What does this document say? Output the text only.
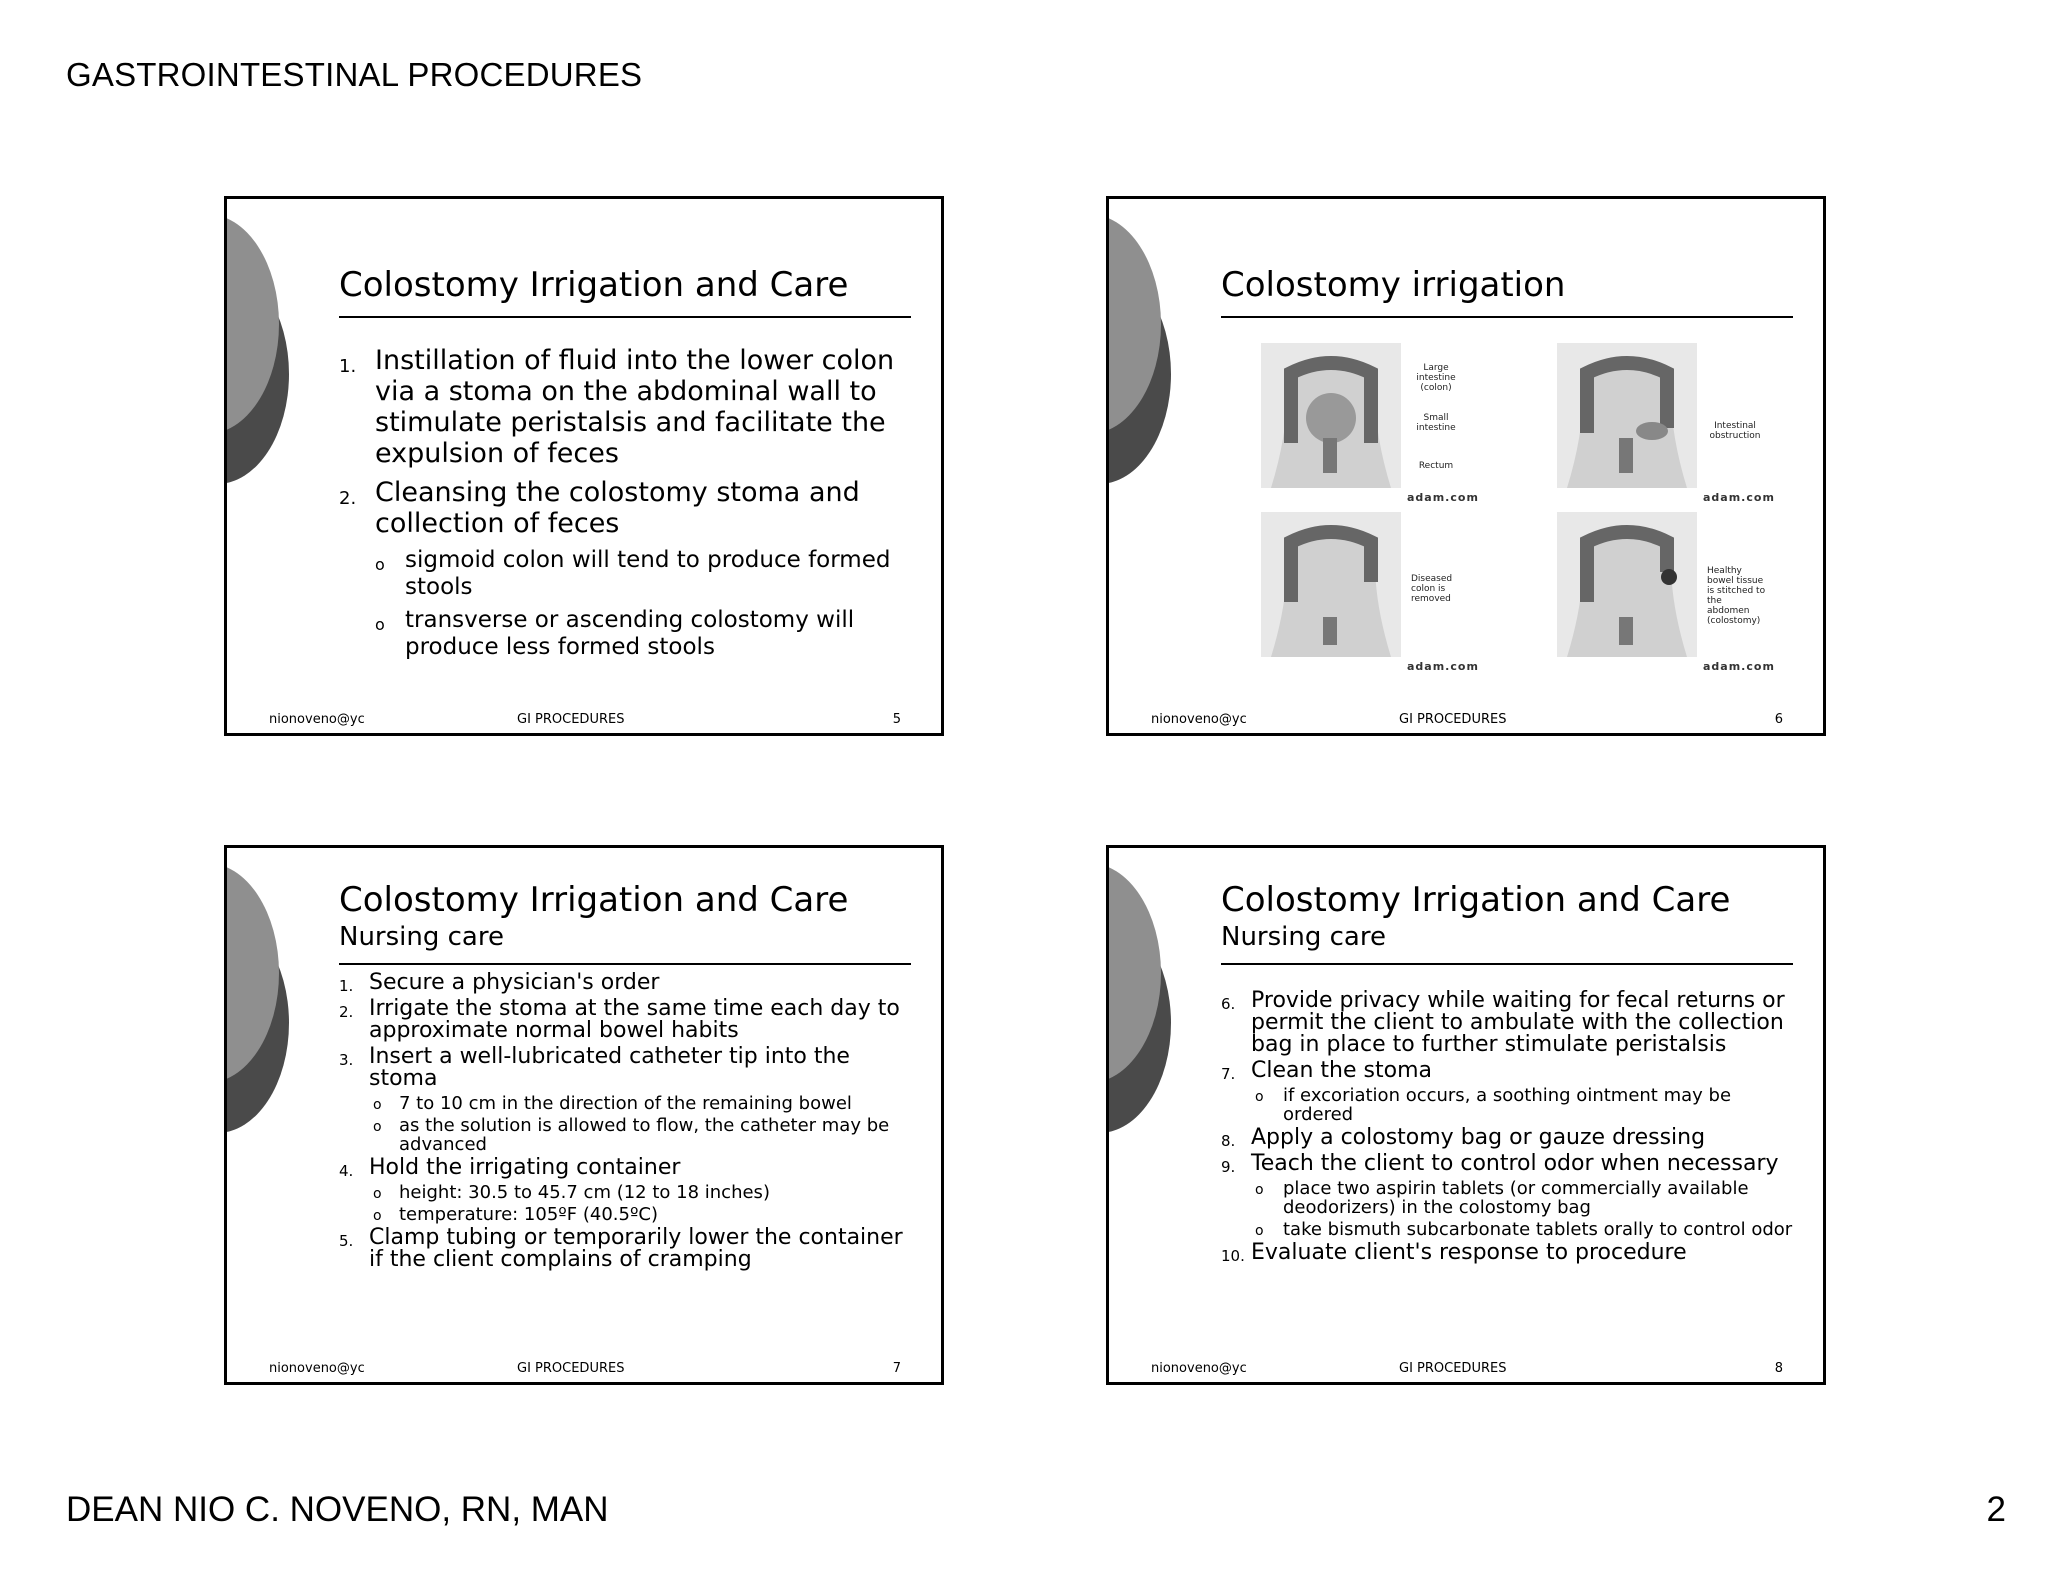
GASTROINTESTINAL PROCEDURES
Colostomy Irrigation and Care
1. Instillation of fluid into the lower colon via a stoma on the abdominal wall to stimulate peristalsis and facilitate the expulsion of feces
2. Cleansing the colostomy stoma and collection of feces
o sigmoid colon will tend to produce formed stools
o transverse or ascending colostomy will produce less formed stools
nionoveno@yc	GI PROCEDURES	5
Colostomy irrigation
Large intestine (colon)
Small intestine
Rectum
adam.com
Intestinal obstruction
adam.com
Diseased colon is removed
adam.com
Healthy bowel tissue is stitched to the abdomen (colostomy)
adam.com
nionoveno@yc	GI PROCEDURES	6
Colostomy Irrigation and Care
Nursing care
1. Secure a physician's order
2. Irrigate the stoma at the same time each day to approximate normal bowel habits
3. Insert a well-lubricated catheter tip into the stoma
o 7 to 10 cm in the direction of the remaining bowel
o as the solution is allowed to flow, the catheter may be advanced
4. Hold the irrigating container
o height: 30.5 to 45.7 cm (12 to 18 inches)
o temperature: 105ºF (40.5ºC)
5. Clamp tubing or temporarily lower the container if the client complains of cramping
nionoveno@yc	GI PROCEDURES	7
Colostomy Irrigation and Care
Nursing care
6. Provide privacy while waiting for fecal returns or permit the client to ambulate with the collection bag in place to further stimulate peristalsis
7. Clean the stoma
o if excoriation occurs, a soothing ointment may be ordered
8. Apply a colostomy bag or gauze dressing
9. Teach the client to control odor when necessary
o place two aspirin tablets (or commercially available deodorizers) in the colostomy bag
o take bismuth subcarbonate tablets orally to control odor
10. Evaluate client's response to procedure
nionoveno@yc	GI PROCEDURES	8
DEAN NIO C. NOVENO, RN, MAN	2
